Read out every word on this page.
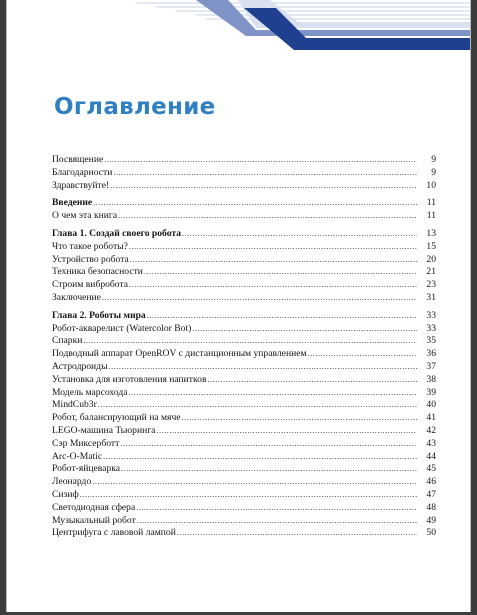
Оглавление
Посвящение .....	9
Благодарности .....	9
Здравствуйте! .....	10
Введение .....	11
О чем эта книга .....	11
Глава 1. Создай своего робота .....	13
Что такое роботы? .....	15
Устройство робота .....	20
Техника безопасности .....	21
Строим вибробота .....	23
Заключение .....	31
Глава 2. Роботы мира .....	33
Робот-акварелист (Watercolor Bot) .....	33
Спарки .....	35
Подводный аппарат OpenROV с дистанционным управлением .....	36
Астродроиды .....	37
Установка для изготовления напитков .....	38
Модель марсохода .....	39
MindCub3r .....	40
Робот, балансирующий на мяче .....	41
LEGO-машина Тьюринга .....	42
Сэр Миксерботт .....	43
Arc-O-Matic .....	44
Робот-яйцеварка .....	45
Леонардо .....	46
Сизиф .....	47
Светодиодная сфера .....	48
Музыкальный робот .....	49
Центрифуга с лавовой лампой .....	50
